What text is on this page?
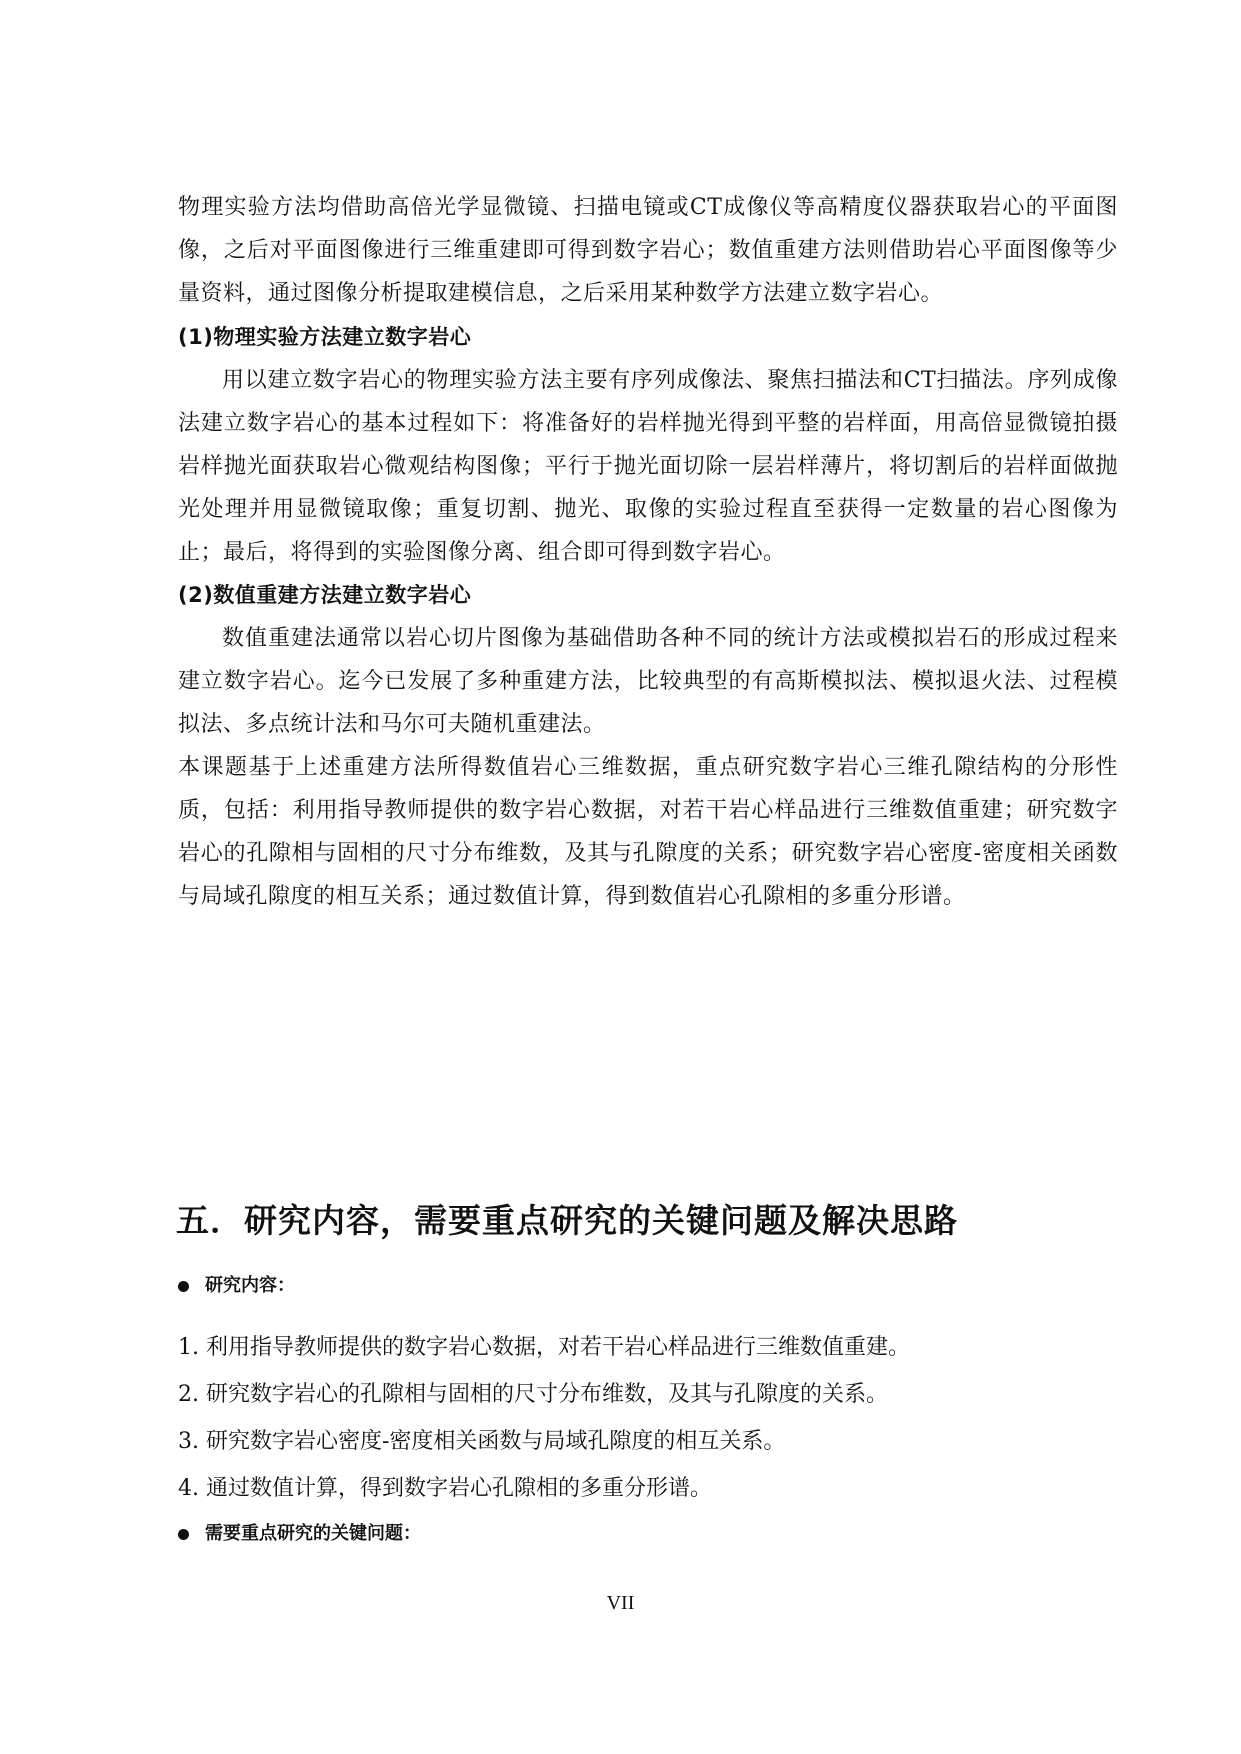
物理实验方法均借助高倍光学显微镜、扫描电镜或CT成像仪等高精度仪器获取岩心的平面图像，之后对平面图像进行三维重建即可得到数字岩心；数值重建方法则借助岩心平面图像等少量资料，通过图像分析提取建模信息，之后采用某种数学方法建立数字岩心。

(1)物理实验方法建立数字岩心

用以建立数字岩心的物理实验方法主要有序列成像法、聚焦扫描法和CT扫描法。序列成像法建立数字岩心的基本过程如下：将准备好的岩样抛光得到平整的岩样面，用高倍显微镜拍摄岩样抛光面获取岩心微观结构图像；平行于抛光面切除一层岩样薄片，将切割后的岩样面做抛光处理并用显微镜取像；重复切割、抛光、取像的实验过程直至获得一定数量的岩心图像为止；最后，将得到的实验图像分离、组合即可得到数字岩心。

(2)数值重建方法建立数字岩心

数值重建法通常以岩心切片图像为基础借助各种不同的统计方法或模拟岩石的形成过程来建立数字岩心。迄今已发展了多种重建方法，比较典型的有高斯模拟法、模拟退火法、过程模拟法、多点统计法和马尔可夫随机重建法。

本课题基于上述重建方法所得数值岩心三维数据，重点研究数字岩心三维孔隙结构的分形性质，包括：利用指导教师提供的数字岩心数据，对若干岩心样品进行三维数值重建；研究数字岩心的孔隙相与固相的尺寸分布维数，及其与孔隙度的关系；研究数字岩心密度-密度相关函数与局域孔隙度的相互关系；通过数值计算，得到数值岩心孔隙相的多重分形谱。

五．研究内容，需要重点研究的关键问题及解决思路
研究内容：
1. 利用指导教师提供的数字岩心数据，对若干岩心样品进行三维数值重建。
2. 研究数字岩心的孔隙相与固相的尺寸分布维数，及其与孔隙度的关系。
3. 研究数字岩心密度-密度相关函数与局域孔隙度的相互关系。
4. 通过数值计算，得到数字岩心孔隙相的多重分形谱。
需要重点研究的关键问题：
VII
